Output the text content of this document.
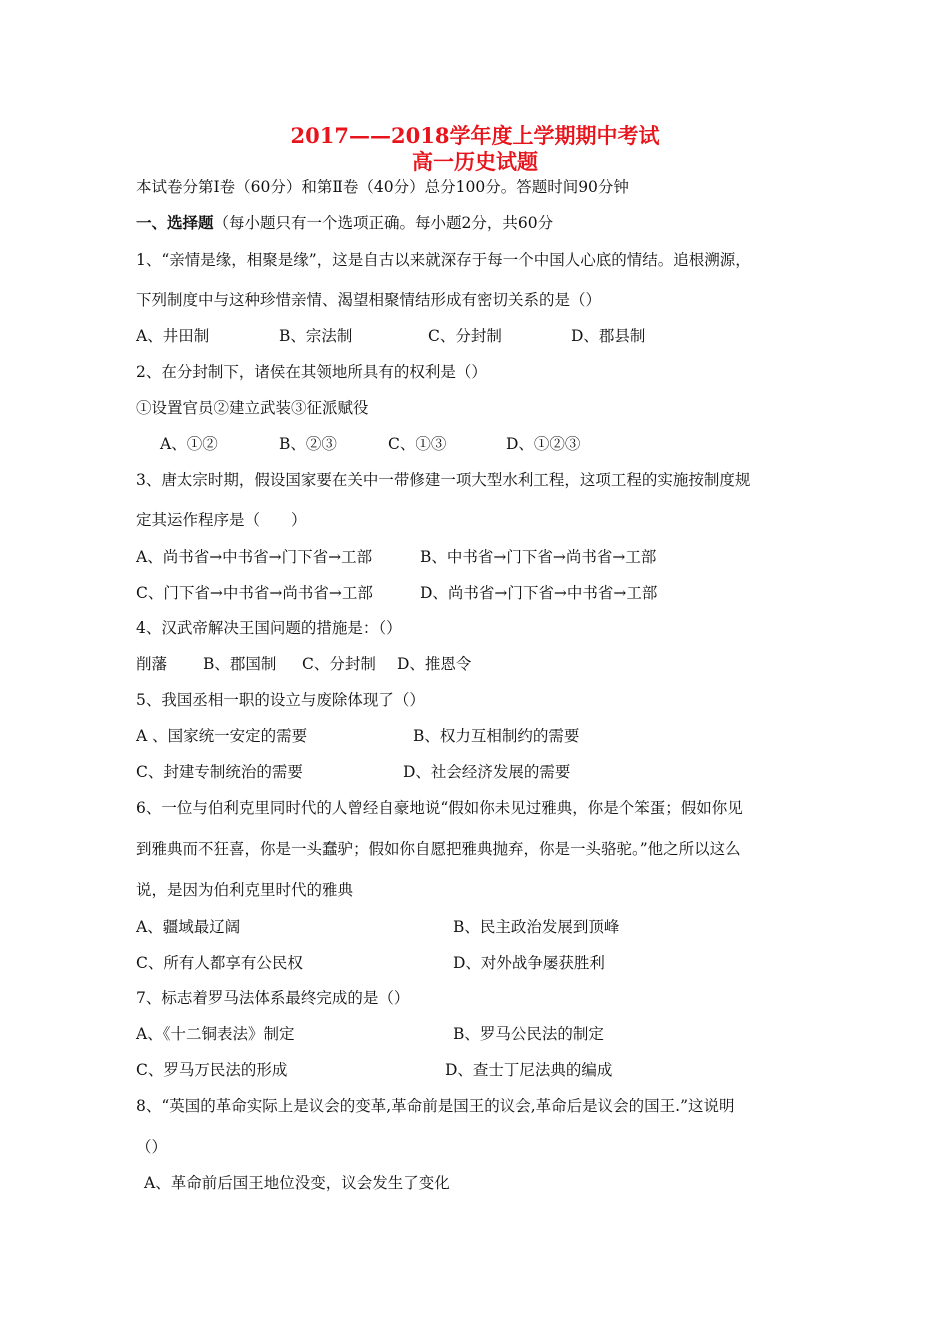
2017——2018学年度上学期期中考试
高一历史试题
本试卷分第Ⅰ卷（60分）和第Ⅱ卷（40分）总分100分。答题时间90分钟
一、选择题（每小题只有一个选项正确。每小题2分，共60分
1、“亲情是缘，相聚是缘”，这是自古以来就深存于每一个中国人心底的情结。追根溯源，
下列制度中与这种珍惜亲情、渴望相聚情结形成有密切关系的是（）
A、井田制	B、宗法制	C、分封制	D、郡县制
2、在分封制下，诸侯在其领地所具有的权利是（）
①设置官员②建立武装③征派赋役
A、①②	B、②③	C、①③	D、①②③
3、唐太宗时期，假设国家要在关中一带修建一项大型水利工程，这项工程的实施按制度规
定其运作程序是（　　）
A、尚书省→中书省→门下省→工部	B、中书省→门下省→尚书省→工部
C、门下省→中书省→尚书省→工部	D、尚书省→门下省→中书省→工部
4、汉武帝解决王国问题的措施是：（）
削藩 B、郡国制 C、分封制 D、推恩令
5、我国丞相一职的设立与废除体现了（）
A 、国家统一安定的需要	B、权力互相制约的需要
C、封建专制统治的需要	D、社会经济发展的需要
6、一位与伯利克里同时代的人曾经自豪地说“假如你未见过雅典，你是个笨蛋；假如你见
到雅典而不狂喜，你是一头蠢驴；假如你自愿把雅典抛弃，你是一头骆驼。”他之所以这么
说，是因为伯利克里时代的雅典
A、疆域最辽阔	B、民主政治发展到顶峰
C、所有人都享有公民权	D、对外战争屡获胜利
7、标志着罗马法体系最终完成的是（）
A、《十二铜表法》制定	B、罗马公民法的制定
C、罗马万民法的形成	D、查士丁尼法典的编成
8、“英国的革命实际上是议会的变革,革命前是国王的议会,革命后是议会的国王.”这说明
（）
A、革命前后国王地位没变，议会发生了变化
